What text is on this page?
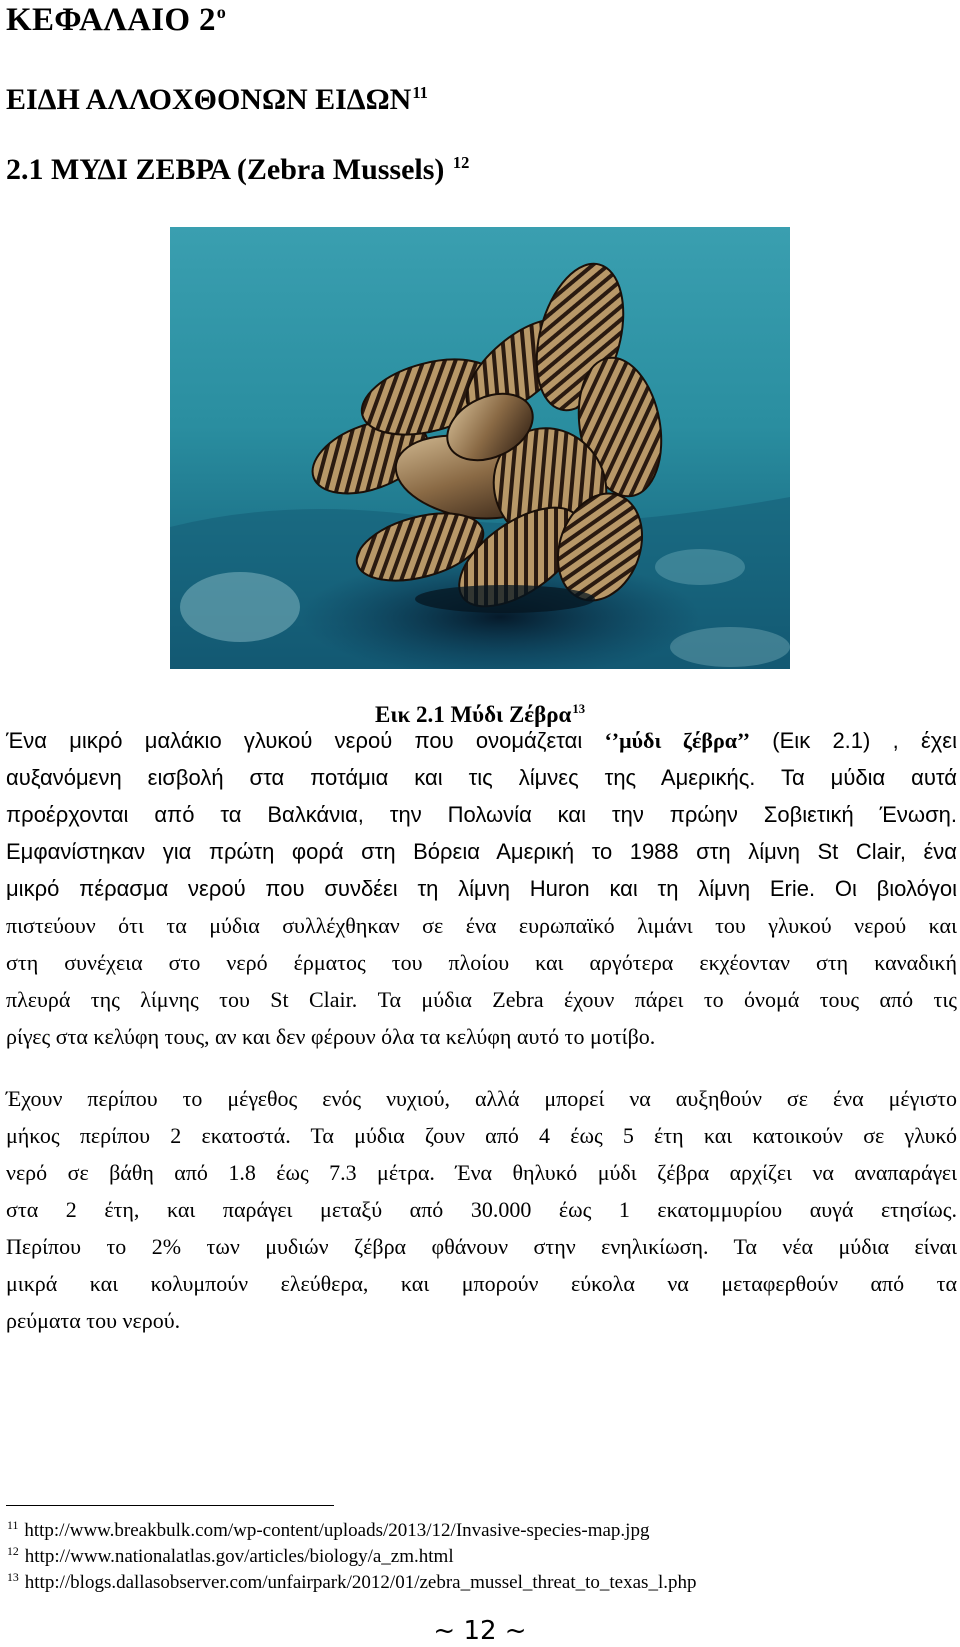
ΚΕΦΑΛΑΙΟ $2^o$
ΕΙΔΗ ΑΛΛΟΧΘΟΝΩΝ ΕΙΔΩΝ$^{11}$
2.1 ΜΥΔΙ ΖΕΒΡΑ (Zebra Mussels) $^{12}$
Εικ 2.1 Μύδι Ζέβρα$^{13}$
Ένα μικρό μαλάκιο γλυκού νερού που ονομάζεται ‘’μύδι ζέβρα’’ (Εικ 2.1) , έχει
αυξανόμενη εισβολή στα ποτάμια και τις λίμνες της Αμερικής. Τα μύδια αυτά
προέρχονται από τα Βαλκάνια, την Πολωνία και την πρώην Σοβιετική Ένωση.
Εμφανίστηκαν για πρώτη φορά στη Βόρεια Αμερική το 1988 στη λίμνη St Clair, ένα
μικρό πέρασμα νερού που συνδέει τη λίμνη Huron και τη λίμνη Erie. Οι βιολόγοι
πιστεύουν ότι τα μύδια συλλέχθηκαν σε ένα ευρωπαϊκό λιμάνι του γλυκού νερού και
στη συνέχεια στο νερό έρματος του πλοίου και αργότερα εκχέονταν στη καναδική
πλευρά της λίμνης του St Clair. Τα μύδια Zebra έχουν πάρει το όνομά τους από τις
ρίγες στα κελύφη τους, αν και δεν φέρουν όλα τα κελύφη αυτό το μοτίβο.
Έχουν περίπου το μέγεθος ενός νυχιού, αλλά μπορεί να αυξηθούν σε ένα μέγιστο
μήκος περίπου 2 εκατοστά. Τα μύδια ζουν από 4 έως 5 έτη και κατοικούν σε γλυκό
νερό σε βάθη από 1.8 έως 7.3 μέτρα. Ένα θηλυκό μύδι ζέβρα αρχίζει να αναπαράγει
στα 2 έτη, και παράγει μεταξύ από 30.000 έως 1 εκατομμυρίου αυγά ετησίως.
Περίπου το 2% των μυδιών ζέβρα φθάνουν στην ενηλικίωση. Τα νέα μύδια είναι
μικρά και κολυμπούν ελεύθερα, και μπορούν εύκολα να μεταφερθούν από τα
ρεύματα του νερού.
$^{11}$ http://www.breakbulk.com/wp-content/uploads/2013/12/Invasive-species-map.jpg
$^{12}$ http://www.nationalatlas.gov/articles/biology/a_zm.html
$^{13}$ http://blogs.dallasobserver.com/unfairpark/2012/01/zebra_mussel_threat_to_texas_l.php
~ 12 ~
